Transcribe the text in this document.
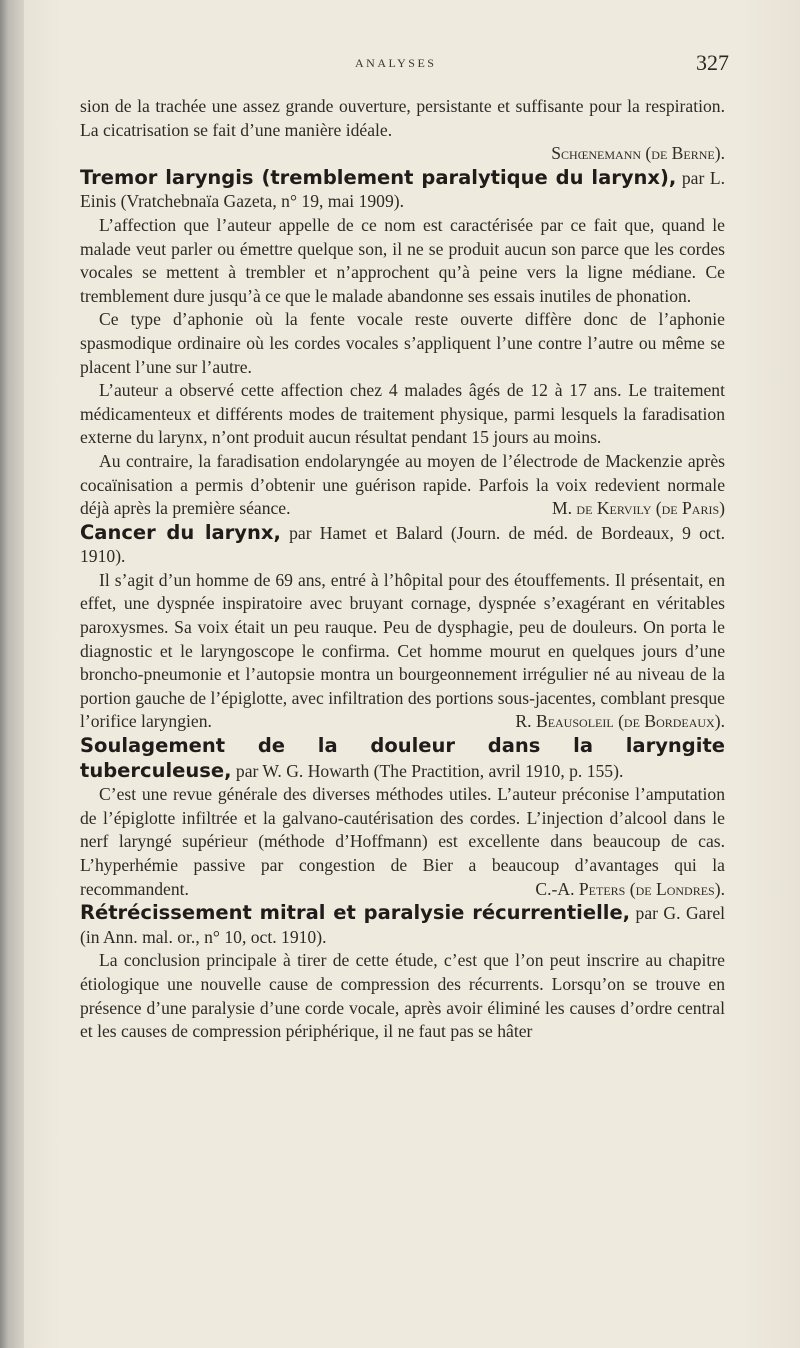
ANALYSES	327

sion de la trachée une assez grande ouverture, persistante et suffisante pour la respiration. La cicatrisation se fait d’une manière idéale.

Schœnemann (de Berne).

Tremor laryngis (tremblement paralytique du larynx), par L. Einis (Vratchebnaïa Gazeta, n° 19, mai 1909).

L’affection que l’auteur appelle de ce nom est caractérisée par ce fait que, quand le malade veut parler ou émettre quelque son, il ne se produit aucun son parce que les cordes vocales se mettent à trembler et n’approchent qu’à peine vers la ligne médiane. Ce tremblement dure jusqu’à ce que le malade abandonne ses essais inutiles de phonation.

Ce type d’aphonie où la fente vocale reste ouverte diffère donc de l’aphonie spasmodique ordinaire où les cordes vocales s’appliquent l’une contre l’autre ou même se placent l’une sur l’autre.

L’auteur a observé cette affection chez 4 malades âgés de 12 à 17 ans. Le traitement médicamenteux et différents modes de traitement physique, parmi lesquels la faradisation externe du larynx, n’ont produit aucun résultat pendant 15 jours au moins.

Au contraire, la faradisation endolaryngée au moyen de l’électrode de Mackenzie après cocaïnisation a permis d’obtenir une guérison rapide. Parfois la voix redevient normale déjà après la première séance.	M. de Kervily (de Paris)

Cancer du larynx, par Hamet et Balard (Journ. de méd. de Bordeaux, 9 oct. 1910).

Il s’agit d’un homme de 69 ans, entré à l’hôpital pour des étouffements. Il présentait, en effet, une dyspnée inspiratoire avec bruyant cornage, dyspnée s’exagérant en véritables paroxysmes. Sa voix était un peu rauque. Peu de dysphagie, peu de douleurs. On porta le diagnostic et le laryngoscope le confirma. Cet homme mourut en quelques jours d’une broncho-pneumonie et l’autopsie montra un bourgeonnement irrégulier né au niveau de la portion gauche de l’épiglotte, avec infiltration des portions sous-jacentes, comblant presque l’orifice laryngien.	R. Beausoleil (de Bordeaux).

Soulagement de la douleur dans la laryngite tuberculeuse, par W. G. Howarth (The Practition, avril 1910, p. 155).

C’est une revue générale des diverses méthodes utiles. L’auteur préconise l’amputation de l’épiglotte infiltrée et la galvano-cautérisation des cordes. L’injection d’alcool dans le nerf laryngé supérieur (méthode d’Hoffmann) est excellente dans beaucoup de cas. L’hyperhémie passive par congestion de Bier a beaucoup d’avantages qui la recommandent.	C.-A. Peters (de Londres).

Rétrécissement mitral et paralysie récurrentielle, par G. Garel (in Ann. mal. or., n° 10, oct. 1910).

La conclusion principale à tirer de cette étude, c’est que l’on peut inscrire au chapitre étiologique une nouvelle cause de compression des récurrents. Lorsqu’on se trouve en présence d’une paralysie d’une corde vocale, après avoir éliminé les causes d’ordre central et les causes de compression périphérique, il ne faut pas se hâter
